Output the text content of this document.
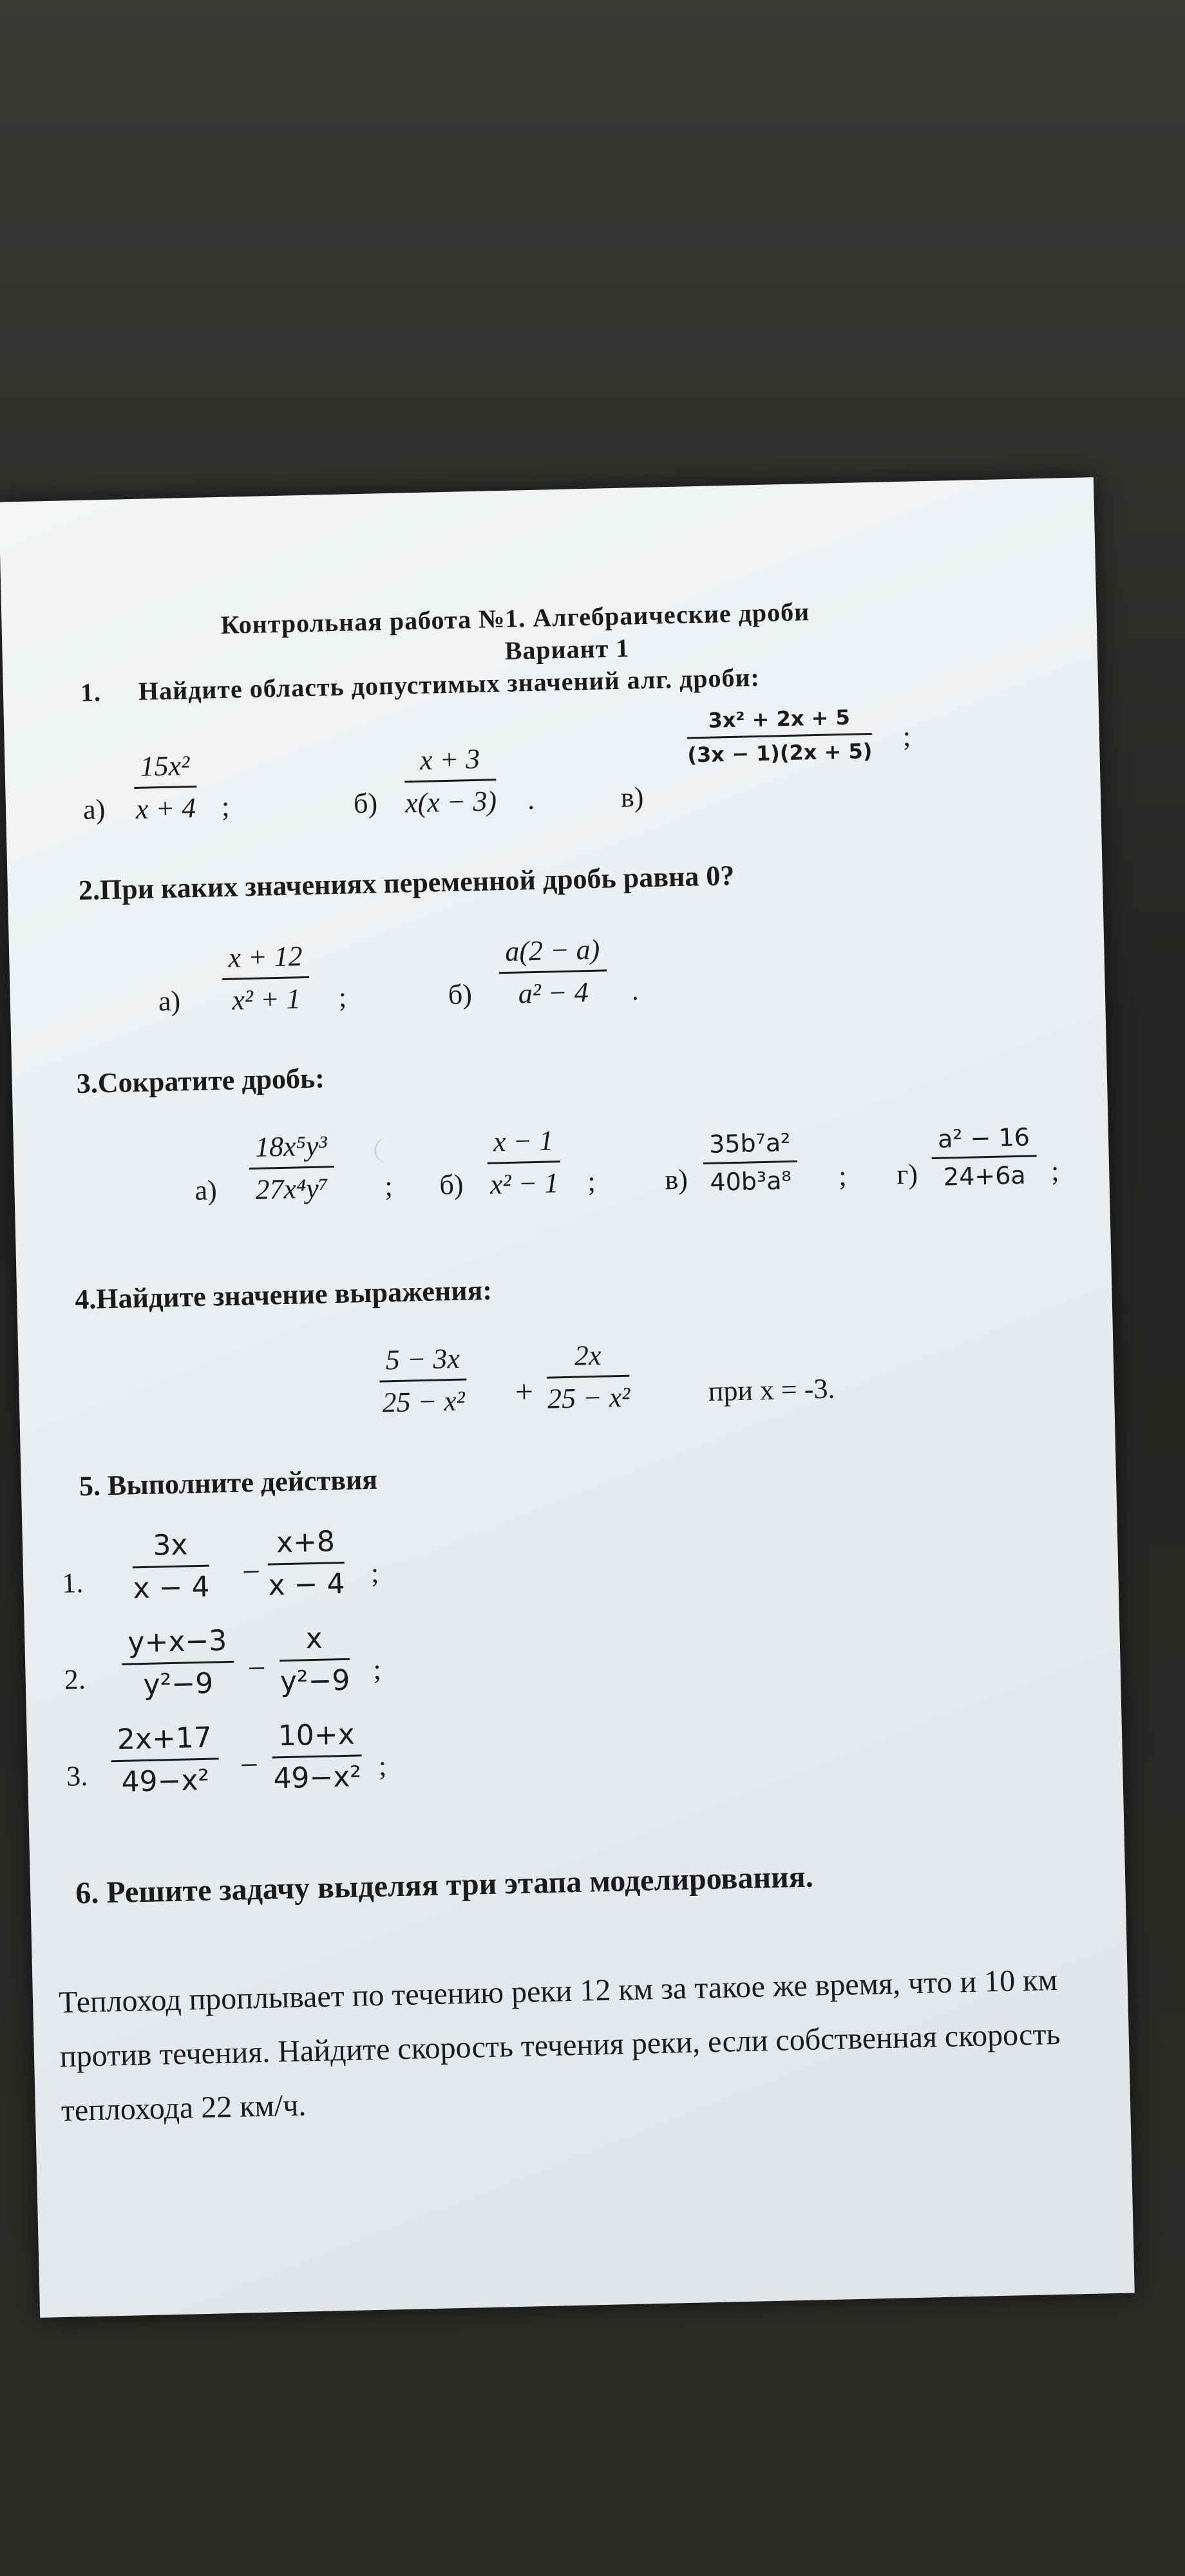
Контрольная работа №1. Алгебраические дроби
Вариант 1
1. Найдите область допустимых значений алг. дроби:
$а) \frac{\text{15x²}}{x + 4}$ ;	$б) \frac{x + 3}{x(x - 3)}$ .	в)
$\frac{\text{3x² + 2x + 5}}{(3x - 1)(2x + 5)}$ ;
2.При каких значениях переменной дробь равна 0?
$а) \frac{x + 12}{\text{x² + 1}}$ ;	$б) \frac{a(2 - a)}{\text{a² − 4}}$ .
3.Сократите дробь:
$а) \frac{\text{18x⁵y³}}{\text{27x⁴y⁷}}$ ; $б) \frac{x - 1}{\text{x² − 1}}$ ; $в) \frac{\text{35b⁷a²}}{\text{40b³a⁸}}$ ; $г) \frac{\text{a² − 16}}{24+6a}$ ;
4.Найдите значение выражения:
$\frac{5 - 3x}{\text{25 − x²}} + \frac{2x}{\text{25 − x²}}$	при x = -3.
5. Выполните действия
1. $\frac{3x}{x - 4} - \frac{x+8}{x - 4}$ ;
2. $\frac{y+x-3}{\text{y²−9}} - \frac{x}{\text{y²−9}}$ ;
3. $\frac{2x+17}{\text{49−x²}} - \frac{10+x}{\text{49−x²}}$ ;
6. Решите задачу выделяя три этапа моделирования.
Теплоход проплывает по течению реки 12 км за такое же время, что и 10 км против течения. Найдите скорость течения реки, если собственная скорость теплохода 22 км/ч.
